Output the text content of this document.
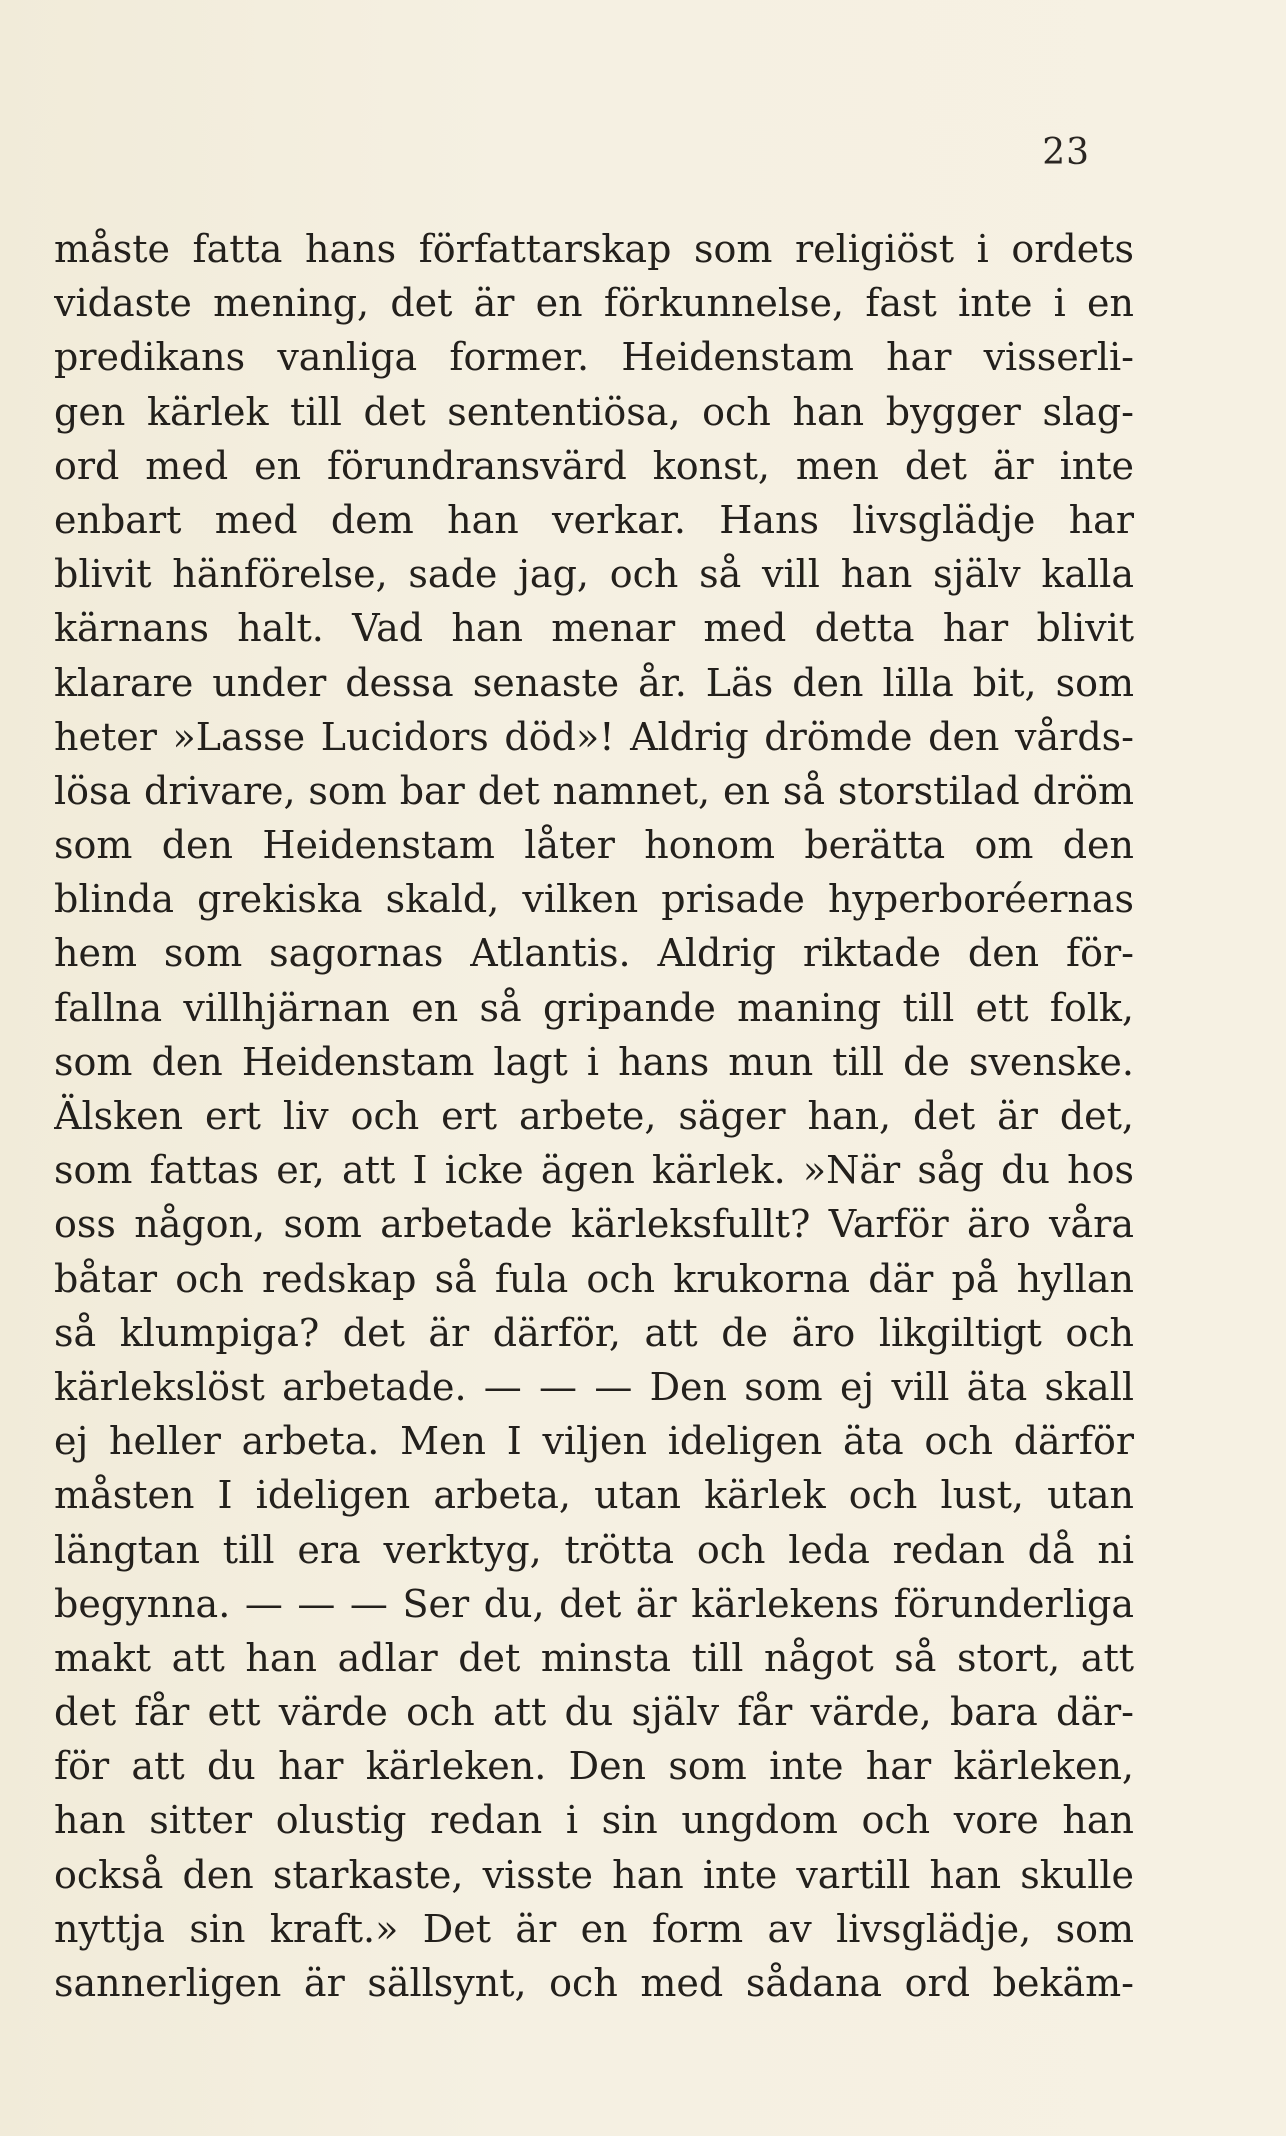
23
måste fatta hans författarskap som religiöst i ordets
vidaste mening, det är en förkunnelse, fast inte i en
predikans vanliga former. Heidenstam har visserli-
gen kärlek till det sententiösa, och han bygger slag-
ord med en förundransvärd konst, men det är inte
enbart med dem han verkar. Hans livsglädje har
blivit hänförelse, sade jag, och så vill han själv kalla
kärnans halt. Vad han menar med detta har blivit
klarare under dessa senaste år. Läs den lilla bit, som
heter »Lasse Lucidors död»! Aldrig drömde den vårds-
lösa drivare, som bar det namnet, en så storstilad dröm
som den Heidenstam låter honom berätta om den
blinda grekiska skald, vilken prisade hyperboréernas
hem som sagornas Atlantis. Aldrig riktade den för-
fallna villhjärnan en så gripande maning till ett folk,
som den Heidenstam lagt i hans mun till de svenske.
Älsken ert liv och ert arbete, säger han, det är det,
som fattas er, att I icke ägen kärlek. »När såg du hos
oss någon, som arbetade kärleksfullt? Varför äro våra
båtar och redskap så fula och krukorna där på hyllan
så klumpiga? det är därför, att de äro likgiltigt och
kärlekslöst arbetade. — — — Den som ej vill äta skall
ej heller arbeta. Men I viljen ideligen äta och därför
måsten I ideligen arbeta, utan kärlek och lust, utan
längtan till era verktyg, trötta och leda redan då ni
begynna. — — — Ser du, det är kärlekens förunderliga
makt att han adlar det minsta till något så stort, att
det får ett värde och att du själv får värde, bara där-
för att du har kärleken. Den som inte har kärleken,
han sitter olustig redan i sin ungdom och vore han
också den starkaste, visste han inte vartill han skulle
nyttja sin kraft.» Det är en form av livsglädje, som
sannerligen är sällsynt, och med sådana ord bekäm-
